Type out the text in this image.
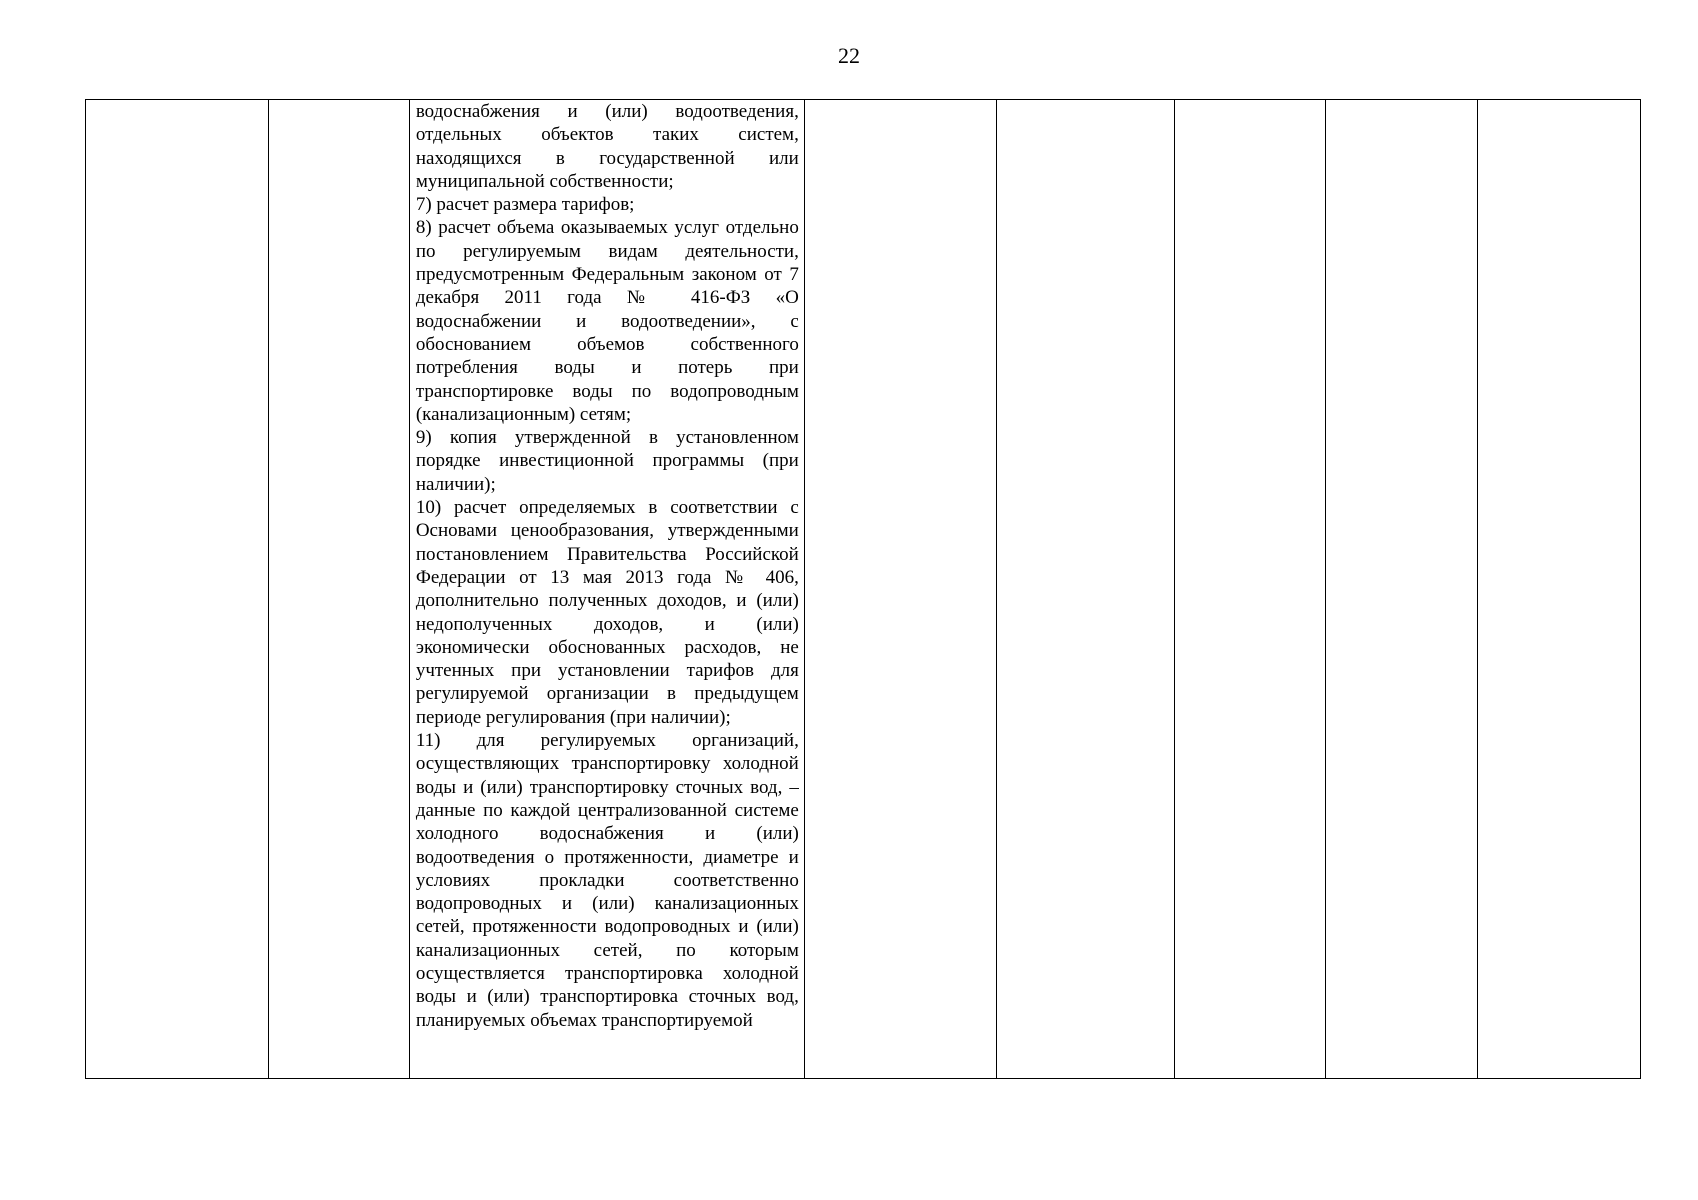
22

водоснабжения и (или) водоотведения, отдельных объектов таких систем, находящихся в государственной или муниципальной собственности;

7) расчет размера тарифов;

8) расчет объема оказываемых услуг отдельно по регулируемым видам деятельности, предусмотренным Федеральным законом от 7 декабря 2011 года № 416-ФЗ «О водоснабжении и водоотведении», с обоснованием объемов собственного потребления воды и потерь при транспортировке воды по водопроводным (канализационным) сетям;

9) копия утвержденной в установленном порядке инвестиционной программы (при наличии);

10) расчет определяемых в соответствии с Основами ценообразования, утвержденными постановлением Правительства Российской Федерации от 13 мая 2013 года № 406, дополнительно полученных доходов, и (или) недополученных доходов, и (или) экономически обоснованных расходов, не учтенных при установлении тарифов для регулируемой организации в предыдущем периоде регулирования (при наличии);

11) для регулируемых организаций, осуществляющих транспортировку холодной воды и (или) транспортировку сточных вод, – данные по каждой централизованной системе холодного водоснабжения и (или) водоотведения о протяженности, диаметре и условиях прокладки соответственно водопроводных и (или) канализационных сетей, протяженности водопроводных и (или) канализационных сетей, по которым осуществляется транспортировка холодной воды и (или) транспортировка сточных вод, планируемых объемах транспортируемой
